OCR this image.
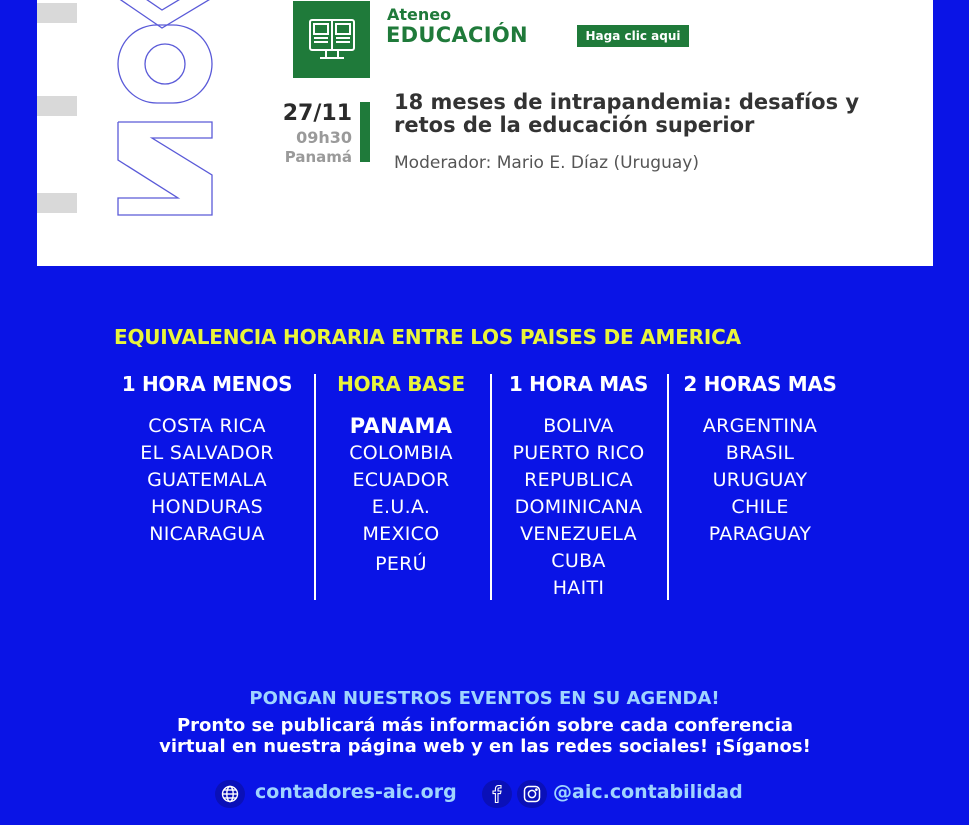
Ateneo
EDUCACIÓN	Haga clic aqui
27/11
09h30
Panamá
18 meses de intrapandemia: desafíos y retos de la educación superior
Moderador: Mario E. Díaz (Uruguay)
EQUIVALENCIA HORARIA ENTRE LOS PAISES DE AMERICA
1 HORA MENOS
COSTA RICA
EL SALVADOR
GUATEMALA
HONDURAS
NICARAGUA
HORA BASE
PANAMA
COLOMBIA
ECUADOR
E.U.A.
MEXICO
PERÚ
1 HORA MAS
BOLIVA
PUERTO RICO
REPUBLICA
DOMINICANA
VENEZUELA
CUBA
HAITI
2 HORAS MAS
ARGENTINA
BRASIL
URUGUAY
CHILE
PARAGUAY
PONGAN NUESTROS EVENTOS EN SU AGENDA!
Pronto se publicará más información sobre cada conferencia
virtual en nuestra página web y en las redes sociales! ¡Síganos!
contadores-aic.org	@aic.contabilidad
